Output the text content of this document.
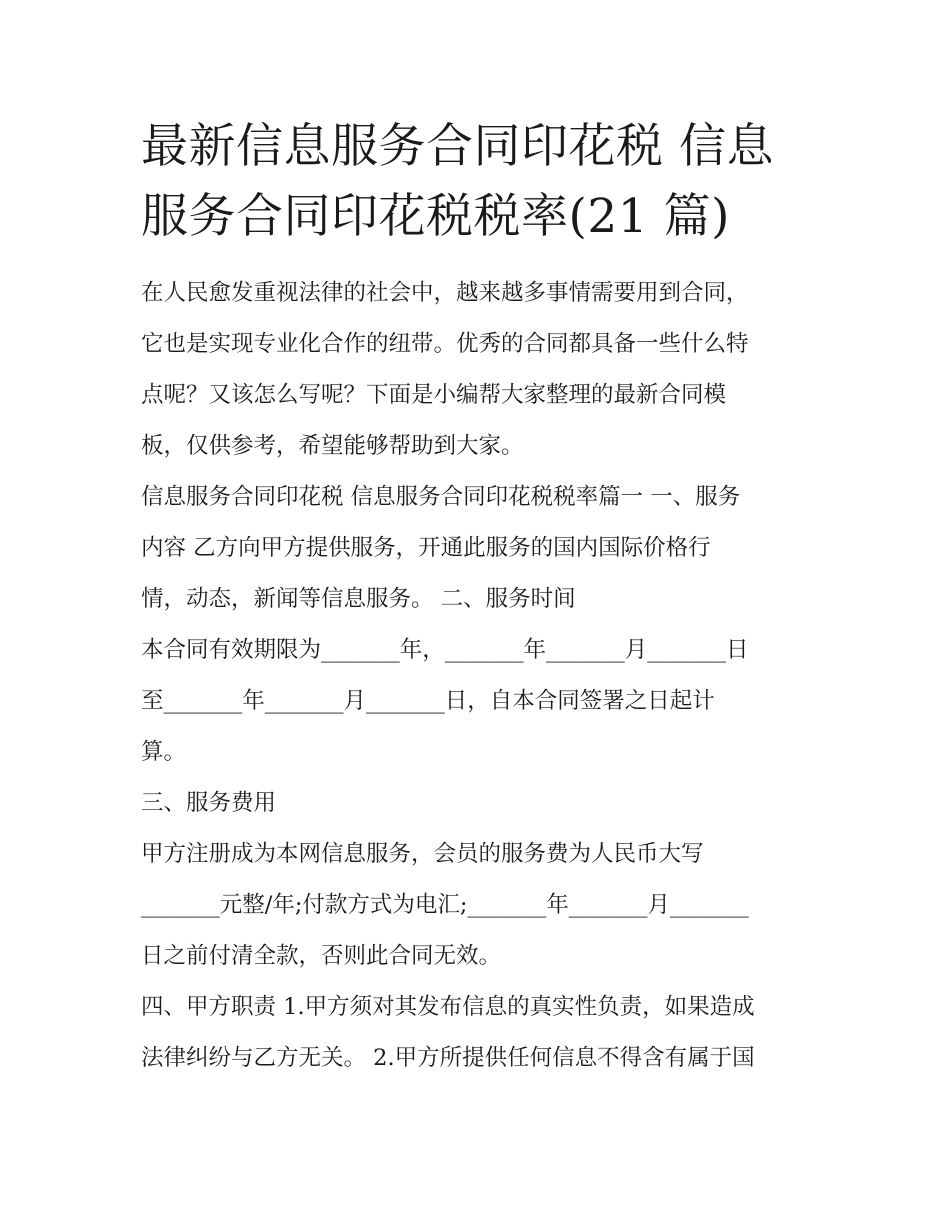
最新信息服务合同印花税 信息
服务合同印花税税率(21 篇)

在人民愈发重视法律的社会中，越来越多事情需要用到合同，
它也是实现专业化合作的纽带。优秀的合同都具备一些什么特
点呢？又该怎么写呢？下面是小编帮大家整理的最新合同模
板，仅供参考，希望能够帮助到大家。

信息服务合同印花税 信息服务合同印花税税率篇一 一、服务
内容 乙方向甲方提供服务，开通此服务的国内国际价格行
情，动态，新闻等信息服务。 二、服务时间

本合同有效期限为_______年，_______年_______月_______日
至_______年_______月_______日，自本合同签署之日起计
算。

三、服务费用

甲方注册成为本网信息服务，会员的服务费为人民币大写
_______元整/年;付款方式为电汇;_______年_______月_______
日之前付清全款，否则此合同无效。

四、甲方职责 1.甲方须对其发布信息的真实性负责，如果造成
法律纠纷与乙方无关。 2.甲方所提供任何信息不得含有属于国
